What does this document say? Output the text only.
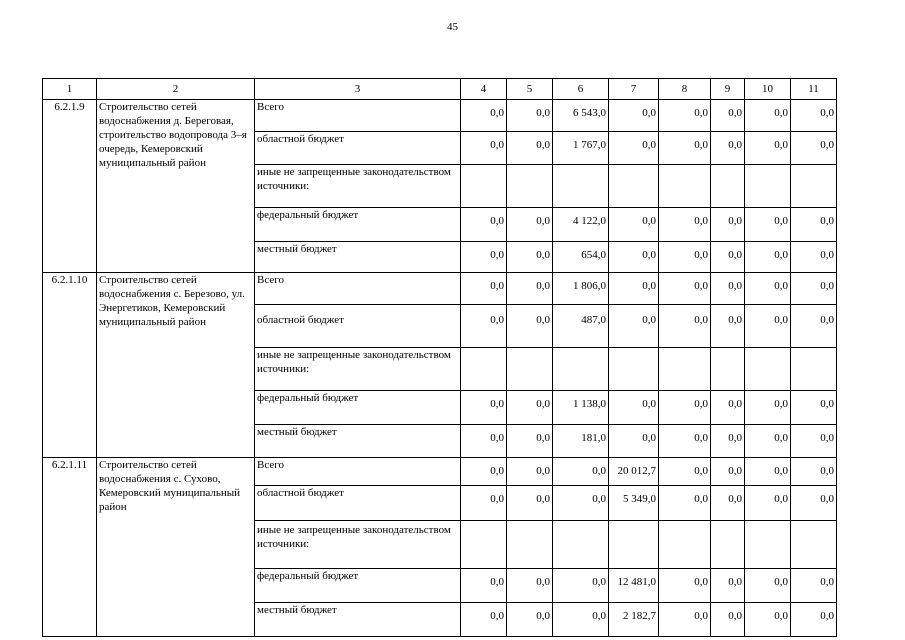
45
1	2	3	4	5	6	7	8	9	10	11
6.2.1.9	Строительство сетей водоснабжения д. Береговая, строительство водопровода 3–я очередь, Кемеровский муниципальный район	Всего	0,0	0,0	6 543,0	0,0	0,0	0,0	0,0	0,0
		областной бюджет	0,0	0,0	1 767,0	0,0	0,0	0,0	0,0	0,0
		иные не запрещенные законодательством источники:								
		федеральный бюджет	0,0	0,0	4 122,0	0,0	0,0	0,0	0,0	0,0
		местный бюджет	0,0	0,0	654,0	0,0	0,0	0,0	0,0	0,0
6.2.1.10	Строительство сетей водоснабжения с. Березово, ул. Энергетиков, Кемеровский муниципальный район	Всего	0,0	0,0	1 806,0	0,0	0,0	0,0	0,0	0,0
		областной бюджет	0,0	0,0	487,0	0,0	0,0	0,0	0,0	0,0
		иные не запрещенные законодательством источники:								
		федеральный бюджет	0,0	0,0	1 138,0	0,0	0,0	0,0	0,0	0,0
		местный бюджет	0,0	0,0	181,0	0,0	0,0	0,0	0,0	0,0
6.2.1.11	Строительство сетей водоснабжения с. Сухово, Кемеровский муниципальный район	Всего	0,0	0,0	0,0	20 012,7	0,0	0,0	0,0	0,0
		областной бюджет	0,0	0,0	0,0	5 349,0	0,0	0,0	0,0	0,0
		иные не запрещенные законодательством источники:								
		федеральный бюджет	0,0	0,0	0,0	12 481,0	0,0	0,0	0,0	0,0
		местный бюджет	0,0	0,0	0,0	2 182,7	0,0	0,0	0,0	0,0
